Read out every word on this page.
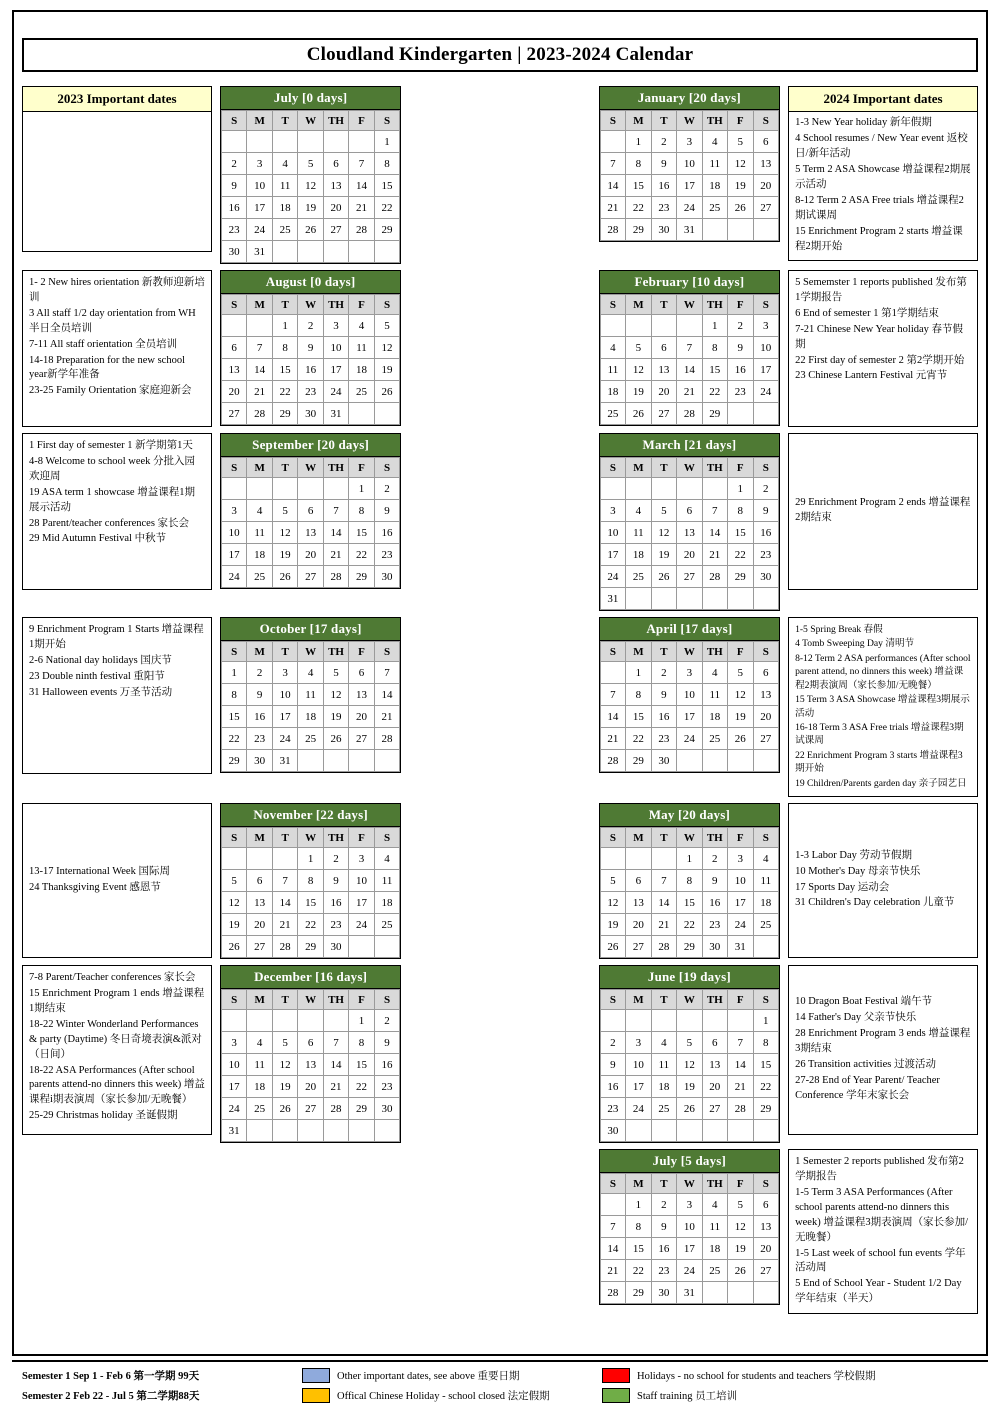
Cloudland Kindergarten | 2023-2024 Calendar
2023 Important dates	July [0 days]
S	M	T	W	TH	F	S
						1
2	3	4	5	6	7	8
9	10	11	12	13	14	15
16	17	18	19	20	21	22
23	24	25	26	27	28	29
30	31					
January [20 days]
S	M	T	W	TH	F	S
	1	2	3	4	5	6
7	8	9	10	11	12	13
14	15	16	17	18	19	20
21	22	23	24	25	26	27
28	29	30	31			
2024 Important dates

1-3 New Year holiday 新年假期

4 School resumes / New Year event 返校日/新年活动

5 Term 2 ASA Showcase 增益课程2期展示活动

8-12 Term 2 ASA Free trials 增益课程2期试课周

15 Enrichment Program 2 starts 增益课程2期开始

1- 2 New hires orientation 新教师迎新培训

3 All staff 1/2 day orientation from WH 半日全员培训

7-11 All staff orientation 全员培训

14-18 Preparation for the new school year新学年准备

23-25 Family Orientation 家庭迎新会

August [0 days]
S	M	T	W	TH	F	S
		1	2	3	4	5
6	7	8	9	10	11	12
13	14	15	16	17	18	19
20	21	22	23	24	25	26
27	28	29	30	31		
February [10 days]
S	M	T	W	TH	F	S
				1	2	3
4	5	6	7	8	9	10
11	12	13	14	15	16	17
18	19	20	21	22	23	24
25	26	27	28	29		

5 Sememster 1 reports published 发布第1学期报告

6 End of semester 1 第1学期结束

7-21 Chinese New Year holiday 春节假期

22 First day of semester 2 第2学期开始

23 Chinese Lantern Festival 元宵节

1 First day of semester 1 新学期第1天

4-8 Welcome to school week 分批入园欢迎周

19 ASA term 1 showcase 增益课程1期展示活动

28 Parent/teacher conferences 家长会

29 Mid Autumn Festival 中秋节

September [20 days]
S	M	T	W	TH	F	S
					1	2
3	4	5	6	7	8	9
10	11	12	13	14	15	16
17	18	19	20	21	22	23
24	25	26	27	28	29	30
March [21 days]
S	M	T	W	TH	F	S
					1	2
3	4	5	6	7	8	9
10	11	12	13	14	15	16
17	18	19	20	21	22	23
24	25	26	27	28	29	30
31						

29 Enrichment Program 2 ends 增益课程2期结束

9 Enrichment Program 1 Starts 增益课程1期开始

2-6 National day holidays 国庆节

23 Double ninth festival 重阳节

31 Halloween events 万圣节活动

October [17 days]
S	M	T	W	TH	F	S
1	2	3	4	5	6	7
8	9	10	11	12	13	14
15	16	17	18	19	20	21
22	23	24	25	26	27	28
29	30	31				
April [17 days]
S	M	T	W	TH	F	S
	1	2	3	4	5	6
7	8	9	10	11	12	13
14	15	16	17	18	19	20
21	22	23	24	25	26	27
28	29	30				

1-5 Spring Break 春假

4 Tomb Sweeping Day 清明节

8-12 Term 2 ASA performances (After school parent attend, no dinners this week) 增益课程2期表演周（家长参加/无晚餐）

15 Term 3 ASA Showcase 增益课程3期展示活动

16-18 Term 3 ASA Free trials 增益课程3期试课周

22 Enrichment Program 3 starts 增益课程3期开始

19 Children/Parents garden day 亲子园艺日

13-17 International Week 国际周

24 Thanksgiving Event 感恩节

November [22 days]
S	M	T	W	TH	F	S
			1	2	3	4
5	6	7	8	9	10	11
12	13	14	15	16	17	18
19	20	21	22	23	24	25
26	27	28	29	30		
May [20 days]
S	M	T	W	TH	F	S
			1	2	3	4
5	6	7	8	9	10	11
12	13	14	15	16	17	18
19	20	21	22	23	24	25
26	27	28	29	30	31	

1-3 Labor Day 劳动节假期

10 Mother's Day 母亲节快乐

17 Sports Day 运动会

31 Children's Day celebration 儿童节

7-8 Parent/Teacher conferences 家长会

15 Enrichment Program 1 ends 增益课程1期结束

18-22 Winter Wonderland Performances & party (Daytime) 冬日奇境表演&派对（日间）

18-22 ASA Performances (After school parents attend-no dinners this week) 增益课程i期表演周（家长参加/无晚餐）

25-29 Christmas holiday 圣诞假期

December [16 days]
S	M	T	W	TH	F	S
					1	2
3	4	5	6	7	8	9
10	11	12	13	14	15	16
17	18	19	20	21	22	23
24	25	26	27	28	29	30
31						
June [19 days]
S	M	T	W	TH	F	S
						1
2	3	4	5	6	7	8
9	10	11	12	13	14	15
16	17	18	19	20	21	22
23	24	25	26	27	28	29
30						

10 Dragon Boat Festival 端午节

14 Father's Day 父亲节快乐

28 Enrichment Program 3 ends 增益课程3期结束

26 Transition activities 过渡活动

27-28 End of Year Parent/ Teacher Conference 学年末家长会

July [5 days]
S	M	T	W	TH	F	S
	1	2	3	4	5	6
7	8	9	10	11	12	13
14	15	16	17	18	19	20
21	22	23	24	25	26	27
28	29	30	31			

1 Semester 2 reports published 发布第2学期报告

1-5 Term 3 ASA Performances (After school parents attend-no dinners this week) 增益课程3期表演周（家长参加/无晚餐）

1-5 Last week of school fun events 学年活动周

5 End of School Year - Student 1/2 Day 学年结束（半天）

Semester 1 Sep 1 - Feb 6 第一学期 99天	Other important dates, see above 重要日期	Holidays - no school for students and teachers 学校假期
Semester 2 Feb 22 - Jul 5 第二学期88天	Offical Chinese Holiday - school closed 法定假期	Staff training 员工培训
